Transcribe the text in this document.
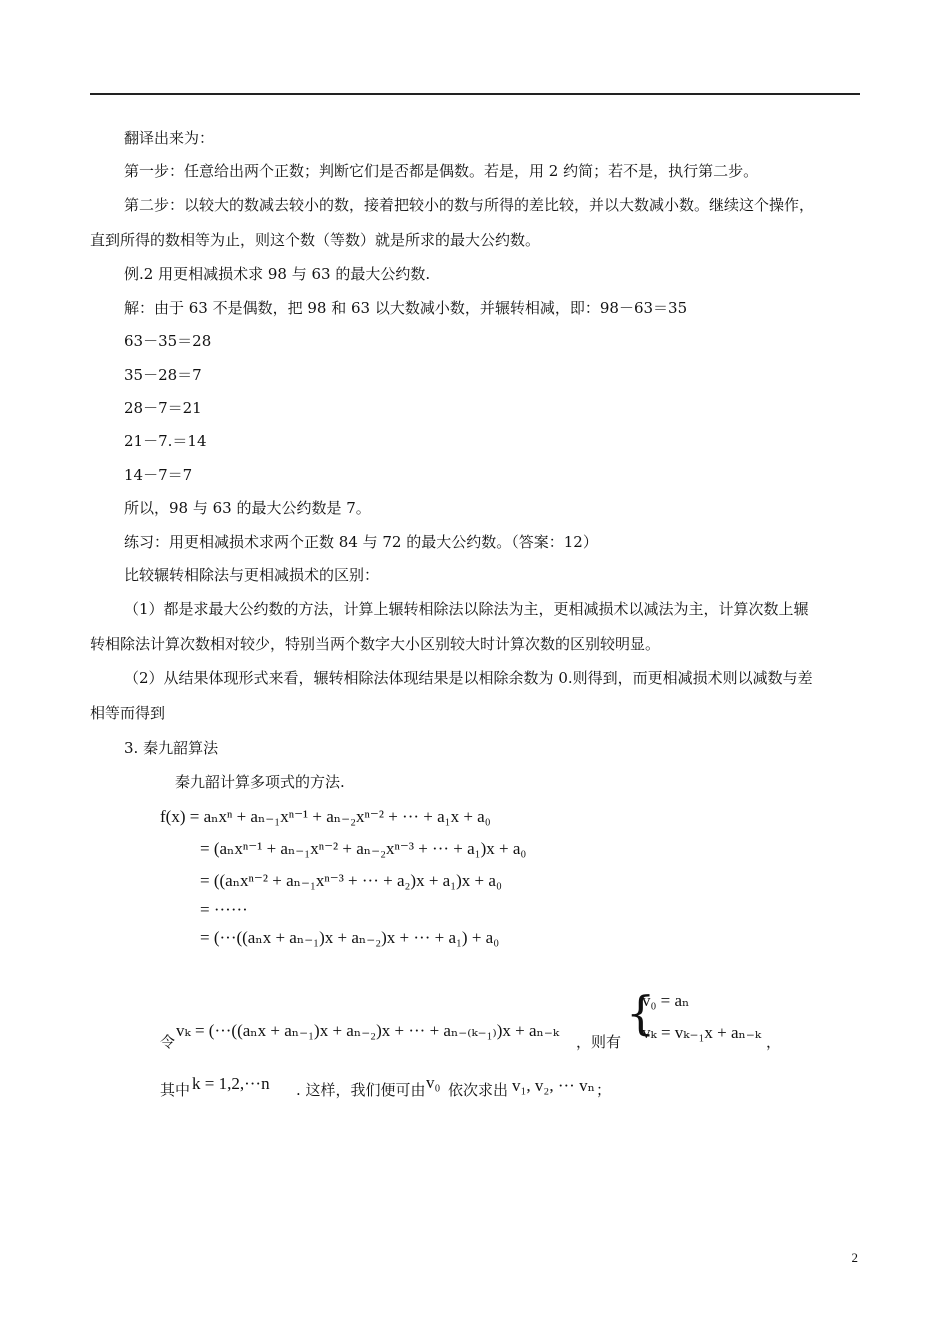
翻译出来为：
第一步：任意给出两个正数；判断它们是否都是偶数。若是，用 2 约简；若不是，执行第二步。
第二步：以较大的数减去较小的数，接着把较小的数与所得的差比较，并以大数减小数。继续这个操作，
直到所得的数相等为止，则这个数（等数）就是所求的最大公约数。
例.2 用更相减损术求 98 与 63 的最大公约数.
解：由于 63 不是偶数，把 98 和 63 以大数减小数，并辗转相减，即：98－63＝35
63－35＝28
35－28＝7
28－7＝21
21－7.＝14
14－7＝7
所以，98 与 63 的最大公约数是 7。
练习：用更相减损术求两个正数 84 与 72 的最大公约数。（答案：12）
比较辗转相除法与更相减损术的区别：
（1）都是求最大公约数的方法，计算上辗转相除法以除法为主，更相减损术以减法为主，计算次数上辗
转相除法计算次数相对较少，特别当两个数字大小区别较大时计算次数的区别较明显。
（2）从结果体现形式来看，辗转相除法体现结果是以相除余数为 0.则得到，而更相减损术则以减数与差
相等而得到
3. 秦九韶算法
秦九韶计算多项式的方法.
f(x) = aₙxⁿ + aₙ₋₁xⁿ⁻¹ + aₙ₋₂xⁿ⁻² + ··· + a₁x + a₀
= (aₙxⁿ⁻¹ + aₙ₋₁xⁿ⁻² + aₙ₋₂xⁿ⁻³ + ··· + a₁)x + a₀
= ((aₙxⁿ⁻² + aₙ₋₁xⁿ⁻³ + ··· + a₂)x + a₁)x + a₀
= ······
= (···((aₙx + aₙ₋₁)x + aₙ₋₂)x + ··· + a₁) + a₀
令
vₖ = (···((aₙx + aₙ₋₁)x + aₙ₋₂)x + ··· + aₙ₋₍ₖ₋₁₎)x + aₙ₋ₖ
，则有
{
v₀ = aₙ
vₖ = vₖ₋₁x + aₙ₋ₖ ，
其中 k = 1,2,···n . 这样，我们便可由 v₀ 依次求出 v₁, v₂, ··· vₙ ；
2
